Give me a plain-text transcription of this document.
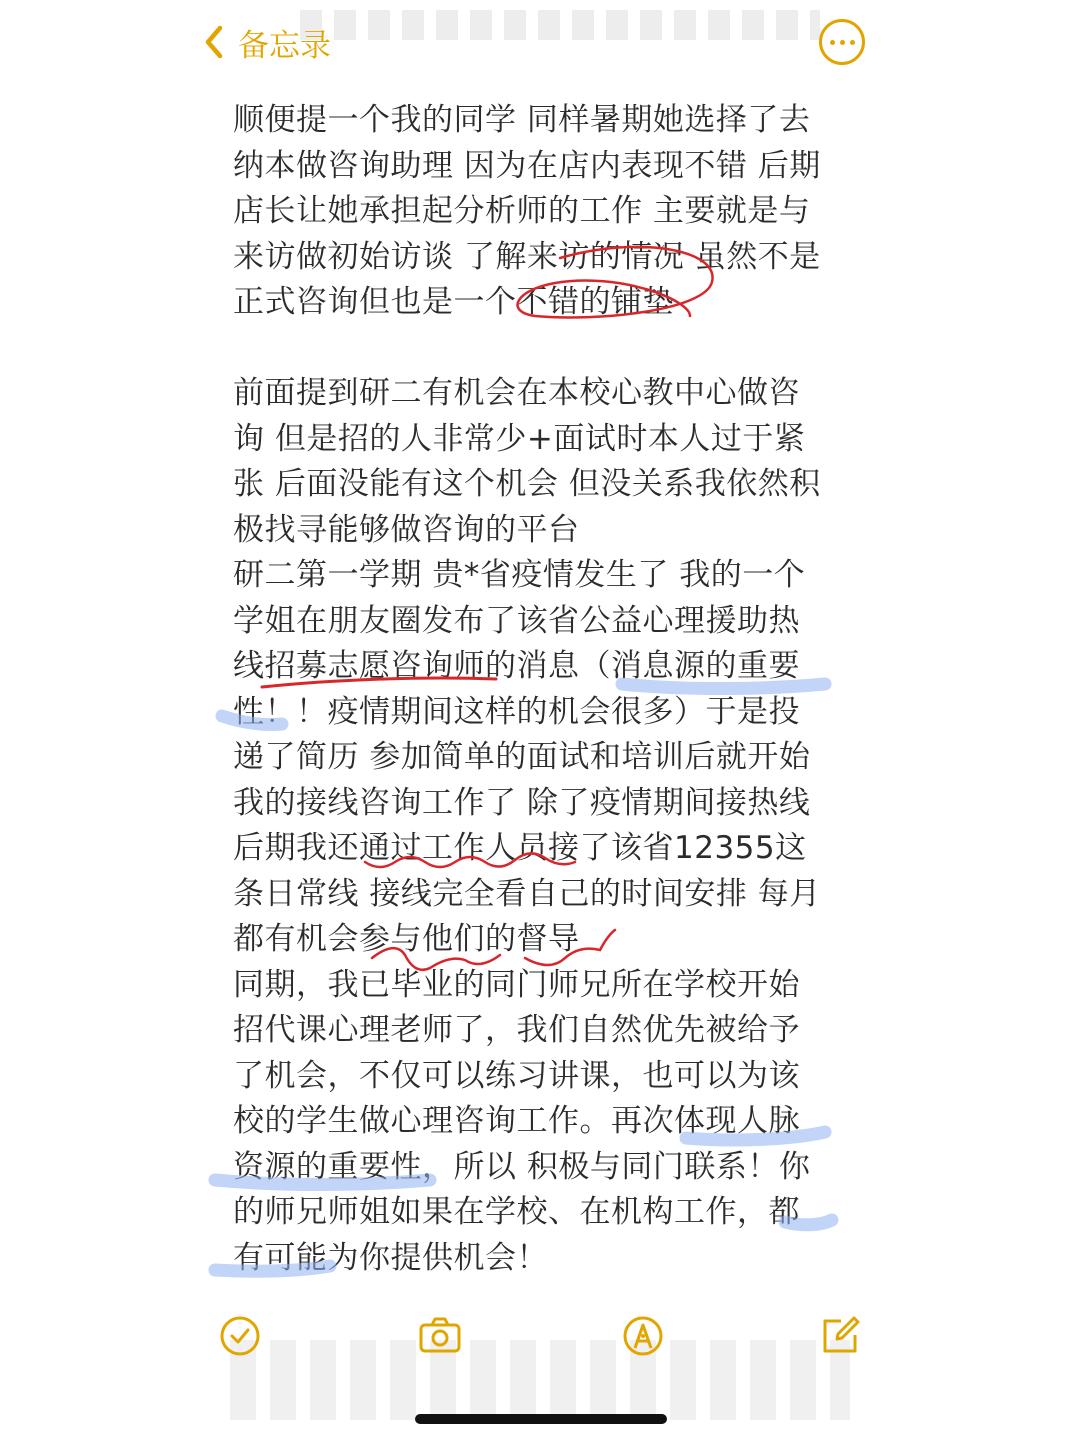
备忘录

顺便提一个我的同学 同样暑期她选择了去
纳本做咨询助理 因为在店内表现不错 后期
店长让她承担起分析师的工作 主要就是与
来访做初始访谈 了解来访的情况 虽然不是
正式咨询但也是一个不错的铺垫

前面提到研二有机会在本校心教中心做咨
询 但是招的人非常少+面试时本人过于紧
张 后面没能有这个机会 但没关系我依然积
极找寻能够做咨询的平台

研二第一学期 贵*省疫情发生了 我的一个
学姐在朋友圈发布了该省公益心理援助热
线招募志愿咨询师的消息（消息源的重要
性！！疫情期间这样的机会很多）于是投
递了简历 参加简单的面试和培训后就开始
我的接线咨询工作了 除了疫情期间接热线
后期我还通过工作人员接了该省12355这
条日常线 接线完全看自己的时间安排 每月
都有机会参与他们的督导

同期，我已毕业的同门师兄所在学校开始
招代课心理老师了，我们自然优先被给予
了机会，不仅可以练习讲课，也可以为该
校的学生做心理咨询工作。再次体现人脉
资源的重要性，所以 积极与同门联系！你
的师兄师姐如果在学校、在机构工作，都
有可能为你提供机会！
